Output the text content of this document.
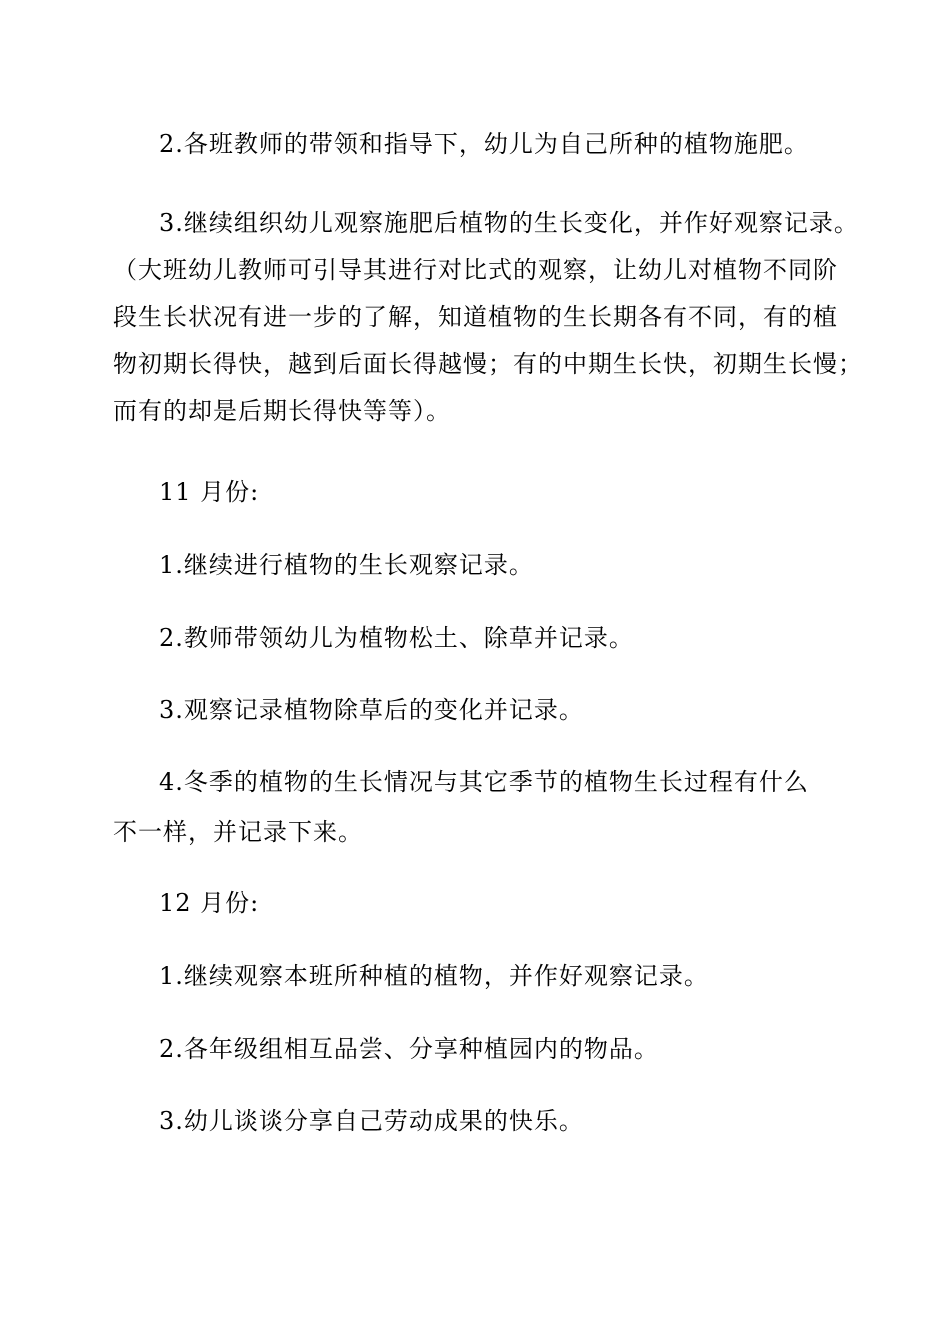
2.各班教师的带领和指导下，幼儿为自己所种的植物施肥。
3.继续组织幼儿观察施肥后植物的生长变化，并作好观察记录。
（大班幼儿教师可引导其进行对比式的观察，让幼儿对植物不同阶
段生长状况有进一步的了解，知道植物的生长期各有不同，有的植
物初期长得快，越到后面长得越慢；有的中期生长快，初期生长慢；
而有的却是后期长得快等等）。
11 月份:
1.继续进行植物的生长观察记录。
2.教师带领幼儿为植物松土、除草并记录。
3.观察记录植物除草后的变化并记录。
4.冬季的植物的生长情况与其它季节的植物生长过程有什么
不一样，并记录下来。
12 月份:
1.继续观察本班所种植的植物，并作好观察记录。
2.各年级组相互品尝、分享种植园内的物品。
3.幼儿谈谈分享自己劳动成果的快乐。
